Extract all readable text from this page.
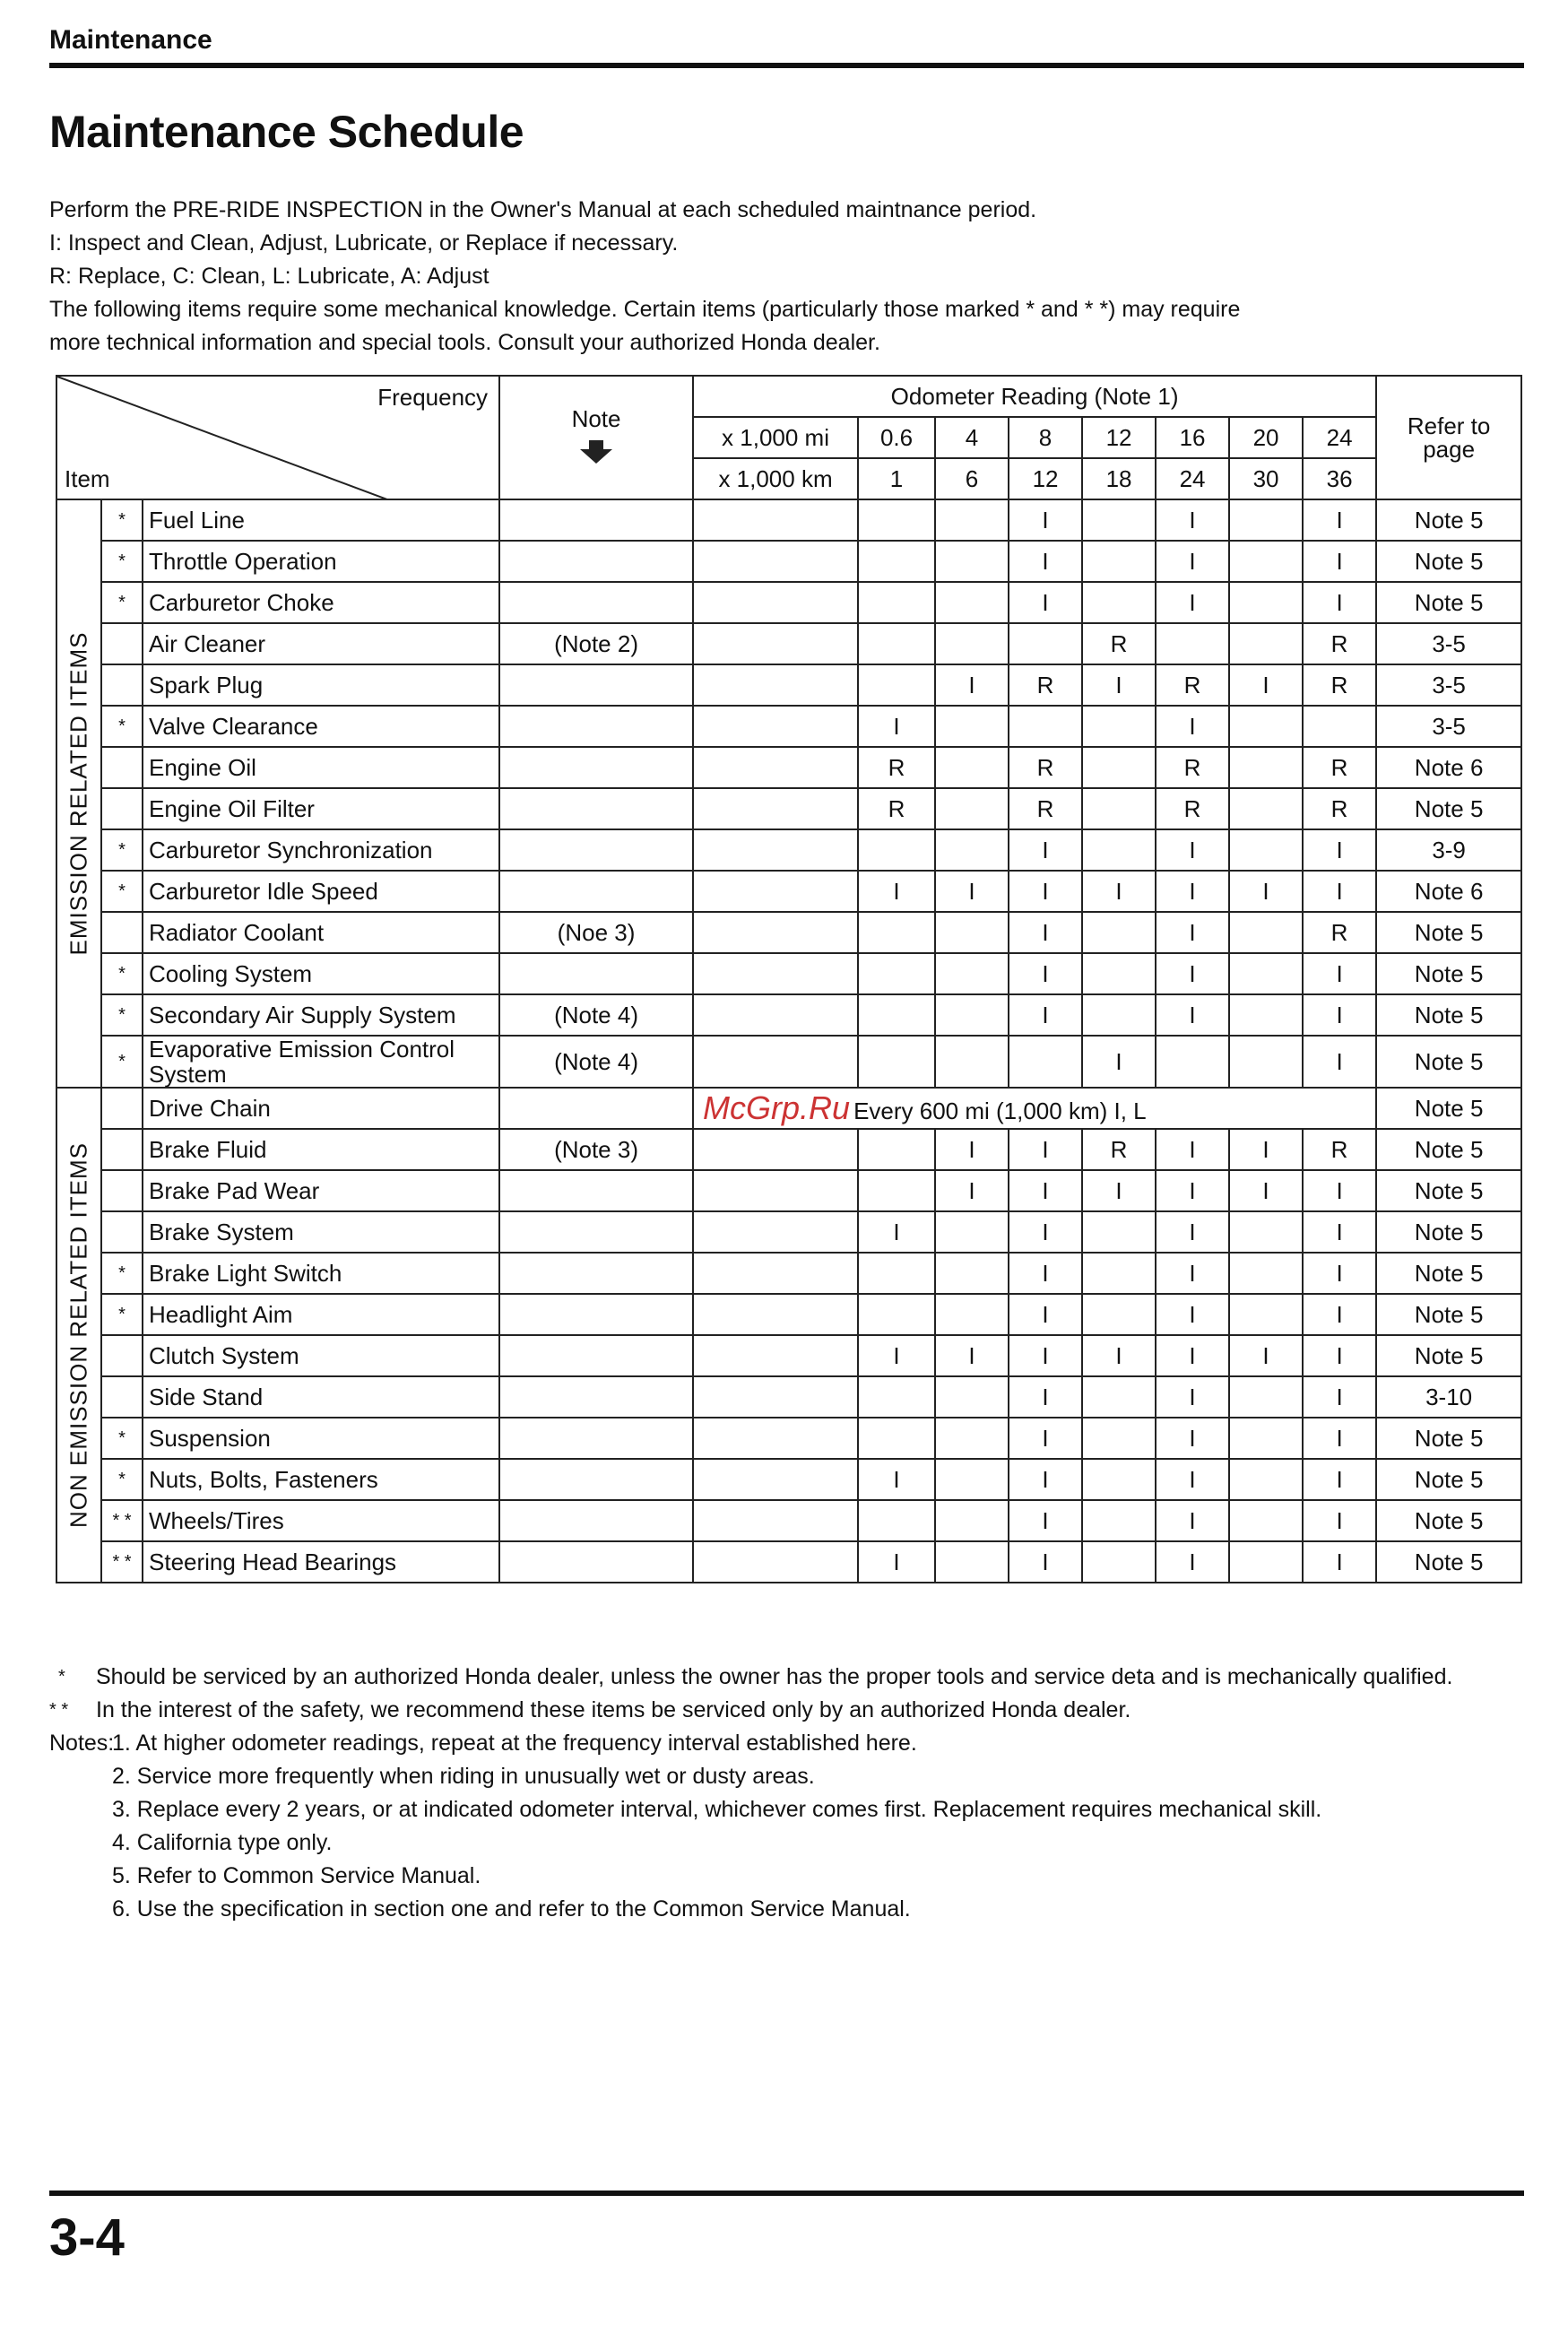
Maintenance
Maintenance Schedule
Perform the PRE-RIDE INSPECTION in the Owner's Manual at each scheduled maintnance period.
I: Inspect and Clean, Adjust, Lubricate, or Replace if necessary.
R: Replace, C: Clean, L: Lubricate, A: Adjust
The following items require some mechanical knowledge. Certain items (particularly those marked * and * *) may require
more technical information and special tools. Consult your authorized Honda dealer.
Frequency
Item			Note	Odometer Reading (Note 1)								Refer to page
				x 1,000 mi	0.6	4	8	12	16	20	24	
				x 1,000 km	1	6	12	18	24	30	36	

EMISSION RELATED ITEMS	*	Fuel Line					I		I		I	Note 5
	*	Throttle Operation					I		I		I	Note 5
	*	Carburetor Choke					I		I		I	Note 5
		Air Cleaner	(Note 2)					R			R	3-5
		Spark Plug				I	R	I	R	I	R	3-5
	*	Valve Clearance			I				I			3-5
		Engine Oil			R		R		R		R	Note 6
		Engine Oil Filter			R		R		R		R	Note 5
	*	Carburetor Synchronization					I		I		I	3-9
	*	Carburetor Idle Speed			I	I	I	I	I	I	I	Note 6
		Radiator Coolant	(Noe 3)				I		I		R	Note 5
	*	Cooling System					I		I		I	Note 5
	*	Secondary Air Supply System	(Note 4)				I		I		I	Note 5
	*	Evaporative Emission Control
System	(Note 4)					I			I	Note 5

NON EMISSION RELATED ITEMS		Drive Chain		McGrp.Ru Every 600 mi (1,000 km) I, L								Note 5
		Brake Fluid	(Note 3)			I	I	R	I	I	R	Note 5
		Brake Pad Wear				I	I	I	I	I	I	Note 5
		Brake System			I		I		I		I	Note 5
	*	Brake Light Switch					I		I		I	Note 5
	*	Headlight Aim					I		I		I	Note 5
		Clutch System			I	I	I	I	I	I	I	Note 5
		Side Stand					I		I		I	3-10
	*	Suspension					I		I		I	Note 5
	*	Nuts, Bolts, Fasteners			I		I		I		I	Note 5
	* *	Wheels/Tires					I		I		I	Note 5
	* *	Steering Head Bearings			I		I		I		I	Note 5
* Should be serviced by an authorized Honda dealer, unless the owner has the proper tools and service deta and is mechanically qualified.
* * In the interest of the safety, we recommend these items be serviced only by an authorized Honda dealer.
Notes:
1. At higher odometer readings, repeat at the frequency interval established here.
2. Service more frequently when riding in unusually wet or dusty areas.
3. Replace every 2 years, or at indicated odometer interval, whichever comes first. Replacement requires mechanical skill.
4. California type only.
5. Refer to Common Service Manual.
6. Use the specification in section one and refer to the Common Service Manual.
3-4
